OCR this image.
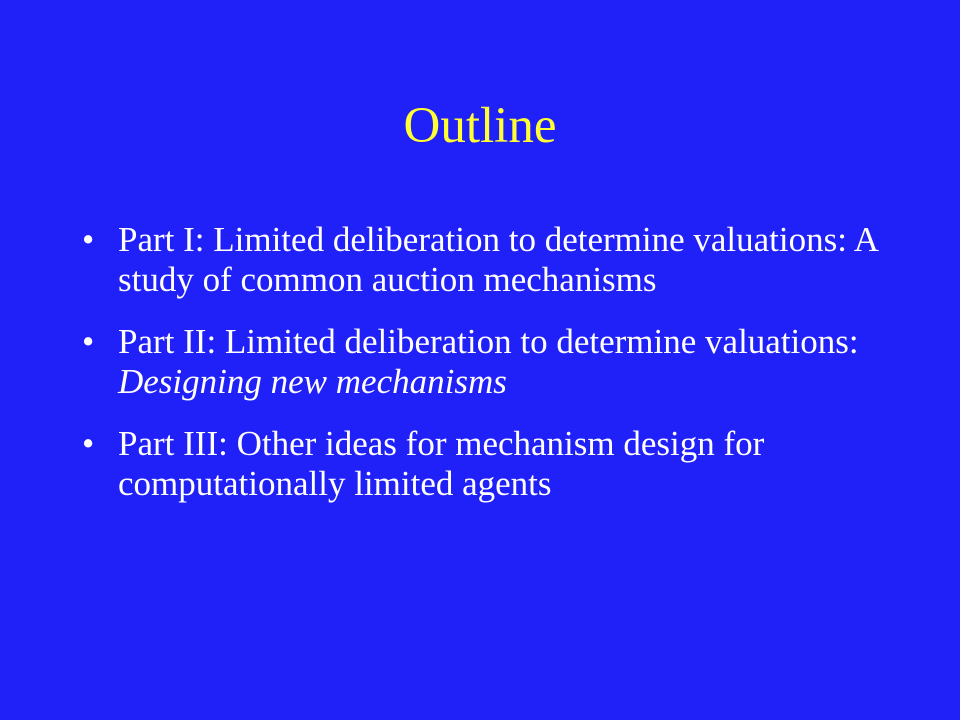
Outline
• Part I: Limited deliberation to determine valuations: A study of common auction mechanisms
• Part II: Limited deliberation to determine valuations: Designing new mechanisms
• Part III: Other ideas for mechanism design for computationally limited agents
